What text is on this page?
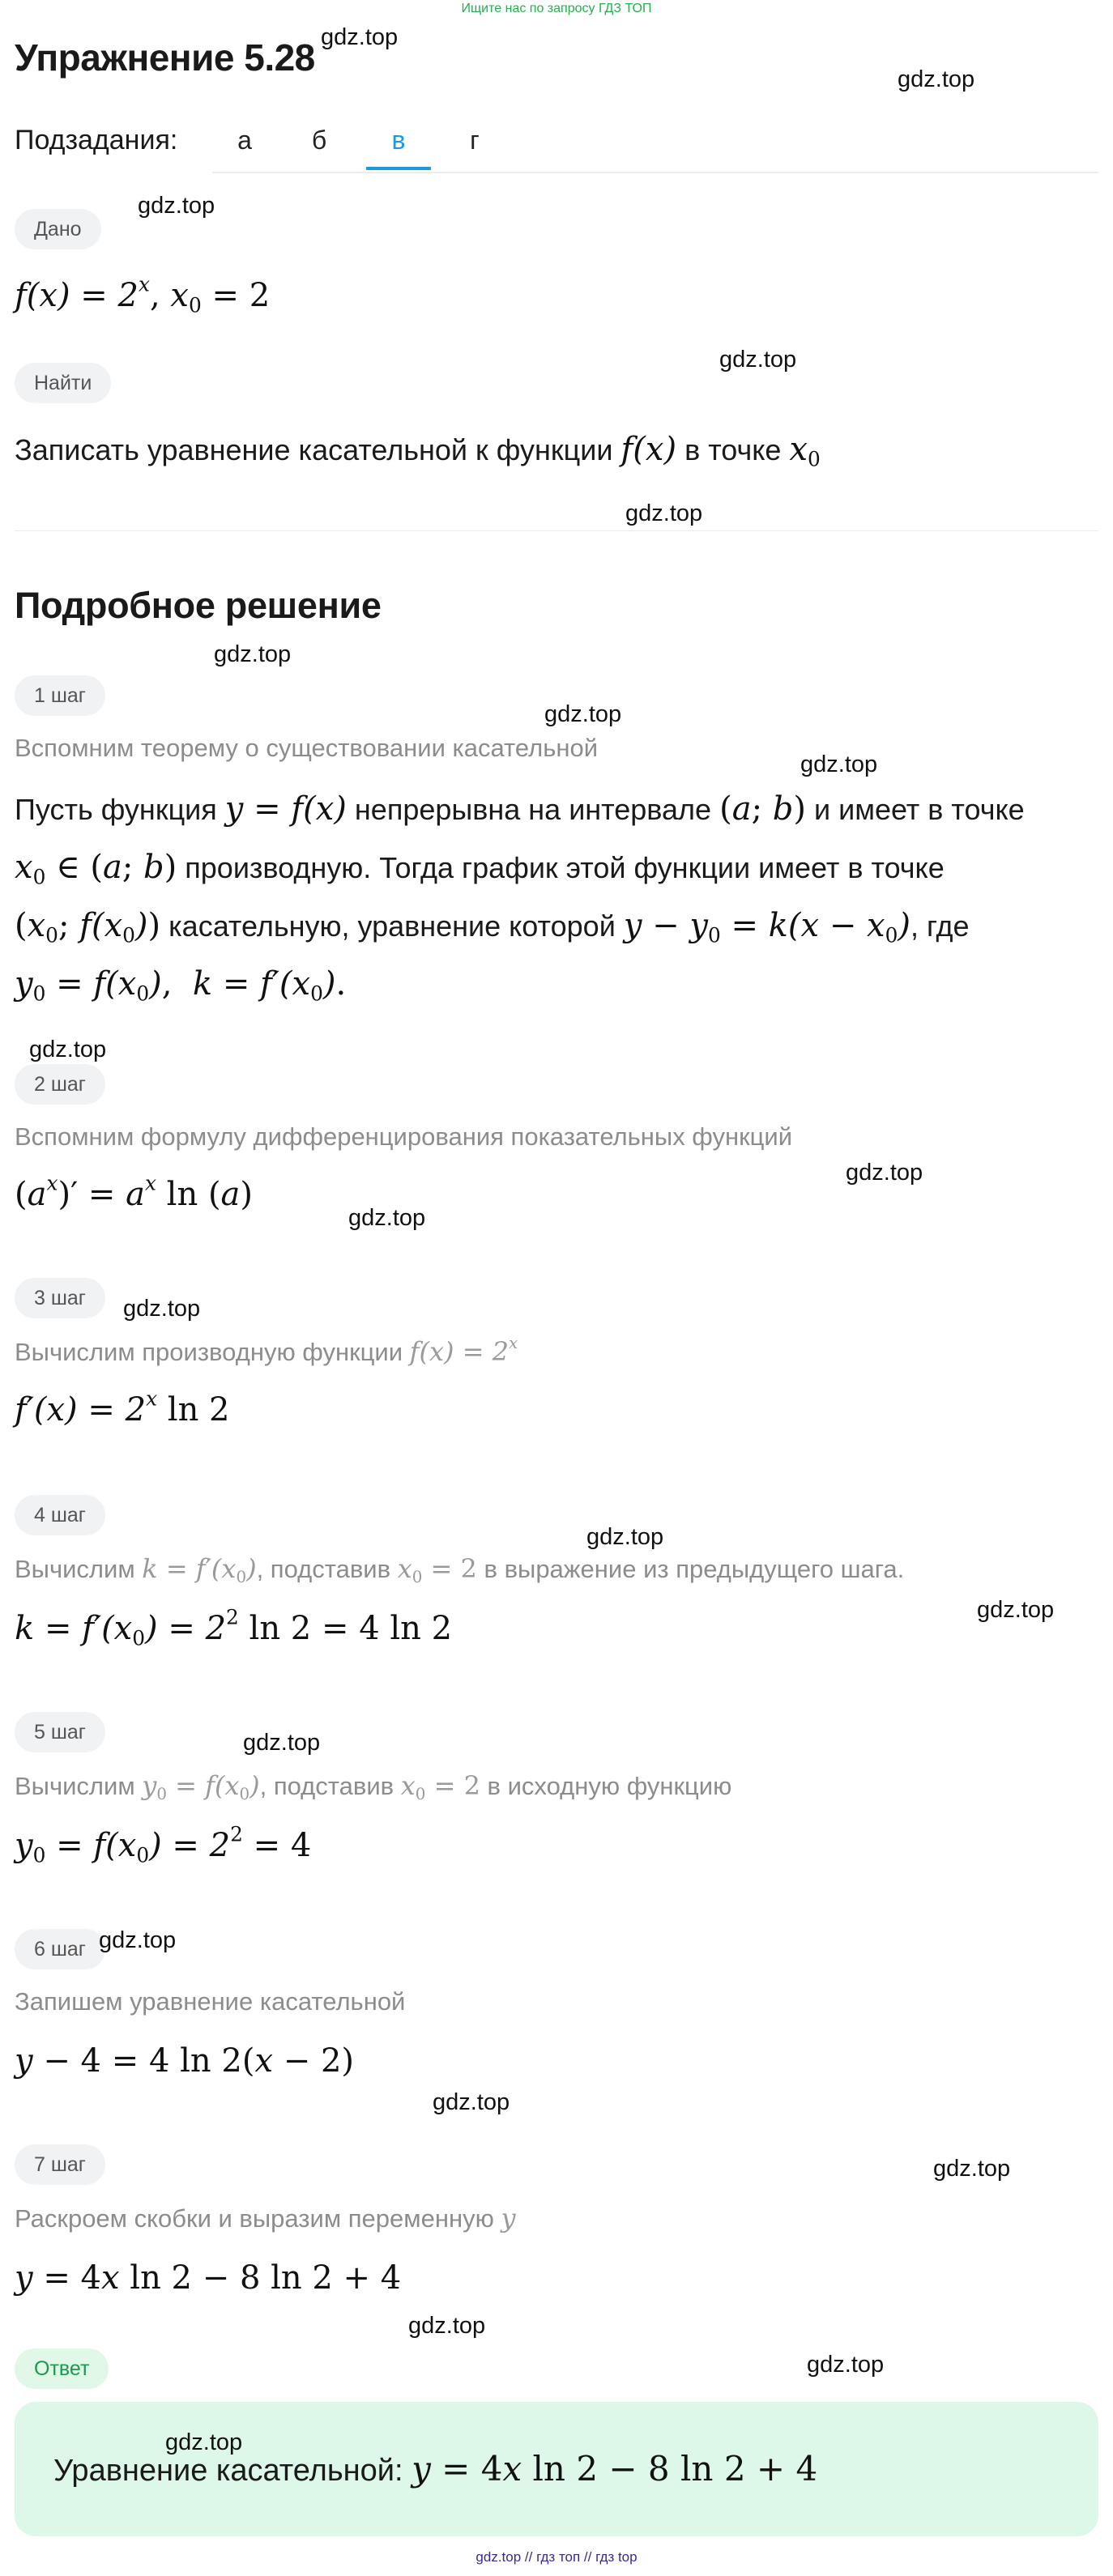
Ищите нас по запросу ГДЗ ТОП
Упражнение 5.28
Подзадания:	а	б	в	г
Дано
$f(x) = 2^x$, $x_0 = 2$
Найти
Записать уравнение касательной к функции f(x) в точке $x_0$
Подробное решение
1 шаг
Вспомним теорему о существовании касательной
Пусть функция y = f(x) непрерывна на интервале (a; b) и имеет в точке
$x_0$ ∈ (a; b) производную. Тогда график этой функции имеет в точке
($x_0$; $f(x_0)$) касательную, уравнение которой $y - y_0 = k(x - x_0)$, где
$y_0 = f(x_0)$,  $k = f'(x_0)$.
2 шаг
Вспомним формулу дифференцирования показательных функций
$(a^x)' = a^x$ ln (a)
3 шаг
Вычислим производную функции $f(x) = 2^x$
$f'(x) = 2^x$ ln 2
4 шаг
Вычислим $k = f'(x_0)$, подставив $x_0 = 2$ в выражение из предыдущего шага.
$k = f'(x_0) = 2^2$ ln 2 = 4 ln 2
5 шаг
Вычислим $y_0 = f(x_0)$, подставив $x_0 = 2$ в исходную функцию
$y_0 = f(x_0) = 2^2 = 4$
6 шаг
Запишем уравнение касательной
y − 4 = 4 ln 2(x − 2)
7 шаг
Раскроем скобки и выразим переменную y
y = 4x ln 2 − 8 ln 2 + 4
Ответ
Уравнение касательной: y = 4x ln 2 − 8 ln 2 + 4
gdz.top
gdz.top
gdz.top
gdz.top
gdz.top
gdz.top
gdz.top
gdz.top
gdz.top
gdz.top
gdz.top
gdz.top
gdz.top
gdz.top
gdz.top
gdz.top
gdz.top
gdz.top
gdz.top
gdz.top
gdz.top
gdz.top // гдз топ // гдз top
